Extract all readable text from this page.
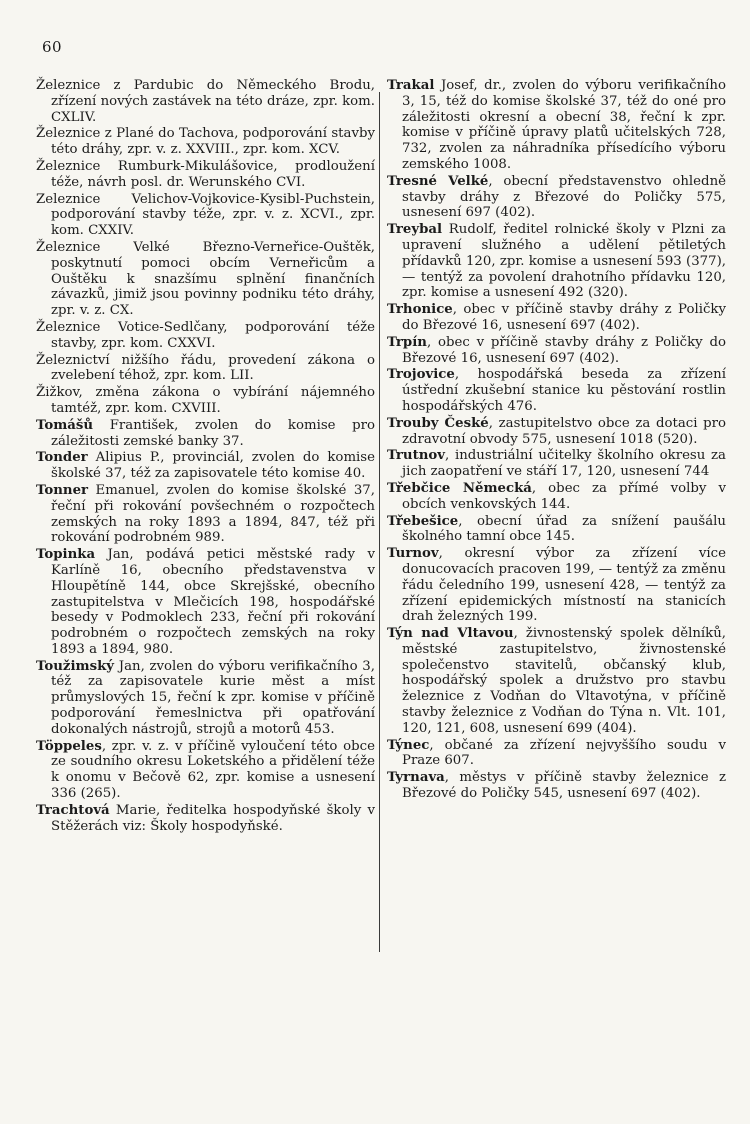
60

Železnice z Pardubic do Německého Brodu, zřízení nových zastávek na této dráze, zpr. kom. CXLIV.

Železnice z Plané do Tachova, podporování stavby této dráhy, zpr. v. z. XXVIII., zpr. kom. XCV.

Železnice Rumburk-Mikulášovice, prodloužení téže, návrh posl. dr. Werunského CVI.

Zeleznice Velichov-Vojkovice-Kysibl-Puchstein, podporování stavby téže, zpr. v. z. XCVI., zpr. kom. CXXIV.

Železnice Velké Březno-Verneřice-Ouštěk, poskytnutí pomoci obcím Verneřicům a Ouštěku k snazšímu splnění finančních závazků, jimiž jsou povinny podniku této dráhy, zpr. v. z. CX.

Železnice Votice-Sedlčany, podporování téže stavby, zpr. kom. CXXVI.

Železnictví nižšího řádu, provedení zákona o zvelebení téhož, zpr. kom. LII.

Žižkov, změna zákona o vybírání nájemného tamtéž, zpr. kom. CXVIII.

Tomášů František, zvolen do komise pro záležitosti zemské banky 37.

Tonder Alipius P., provinciál, zvolen do komise školské 37, též za zapisovatele této komise 40.

Tonner Emanuel, zvolen do komise školské 37, řeční při rokování povšechném o rozpočtech zemských na roky 1893 a 1894, 847, též při rokování podrobném 989.

Topinka Jan, podává petici městské rady v Karlíně 16, obecního představenstva v Hloupětíně 144, obce Skrejšské, obecního zastupitelstva v Mlečicích 198, hospodářské besedy v Podmoklech 233, řeční při rokování podrobném o rozpočtech zemských na roky 1893 a 1894, 980.

Toužimský Jan, zvolen do výboru verifikačního 3, též za zapisovatele kurie měst a míst průmyslových 15, řeční k zpr. komise v příčině podporování řemeslnictva při opatřování dokonalých nástrojů, strojů a motorů 453.

Töppeles, zpr. v. z. v příčině vyloučení této obce ze soudního okresu Loketského a přidělení téže k onomu v Bečově 62, zpr. komise a usnesení 336 (265).

Trachtová Marie, ředitelka hospodyňské školy v Stěžerách viz: Školy hospodyňské.

Trakal Josef, dr., zvolen do výboru verifikačního 3, 15, též do komise školské 37, též do oné pro záležitosti okresní a obecní 38, řeční k zpr. komise v příčině úpravy platů učitelských 728, 732, zvolen za náhradníka přísedícího výboru zemského 1008.

Tresné Velké, obecní představenstvo ohledně stavby dráhy z Březové do Poličky 575, usnesení 697 (402).

Treybal Rudolf, ředitel rolnické školy v Plzni za upravení služného a udělení pětiletých přídavků 120, zpr. komise a usnesení 593 (377), — tentýž za povolení drahotního přídavku 120, zpr. komise a usnesení 492 (320).

Trhonice, obec v příčině stavby dráhy z Poličky do Březové 16, usnesení 697 (402).

Trpín, obec v příčině stavby dráhy z Poličky do Březové 16, usnesení 697 (402).

Trojovice, hospodářská beseda za zřízení ústřední zkušební stanice ku pěstování rostlin hospodářských 476.

Trouby České, zastupitelstvo obce za dotaci pro zdravotní obvody 575, usnesení 1018 (520).

Trutnov, industriální učitelky školního okresu za jich zaopatření ve stáří 17, 120, usnesení 744

Třebčice Německá, obec za přímé volby v obcích venkovských 144.

Třebešice, obecní úřad za snížení paušálu školného tamní obce 145.

Turnov, okresní výbor za zřízení více donucovacích pracoven 199, — tentýž za změnu řádu čeledního 199, usnesení 428, — tentýž za zřízení epidemických místností na stanicích drah železných 199.

Týn nad Vltavou, živnostenský spolek dělníků, městské zastupitelstvo, živnostenské společenstvo stavitelů, občanský klub, hospodářský spolek a družstvo pro stavbu železnice z Vodňan do Vltavotýna, v příčině stavby železnice z Vodňan do Týna n. Vlt. 101, 120, 121, 608, usnesení 699 (404).

Týnec, občané za zřízení nejvyššího soudu v Praze 607.

Tyrnava, městys v příčině stavby železnice z Březové do Poličky 545, usnesení 697 (402).
